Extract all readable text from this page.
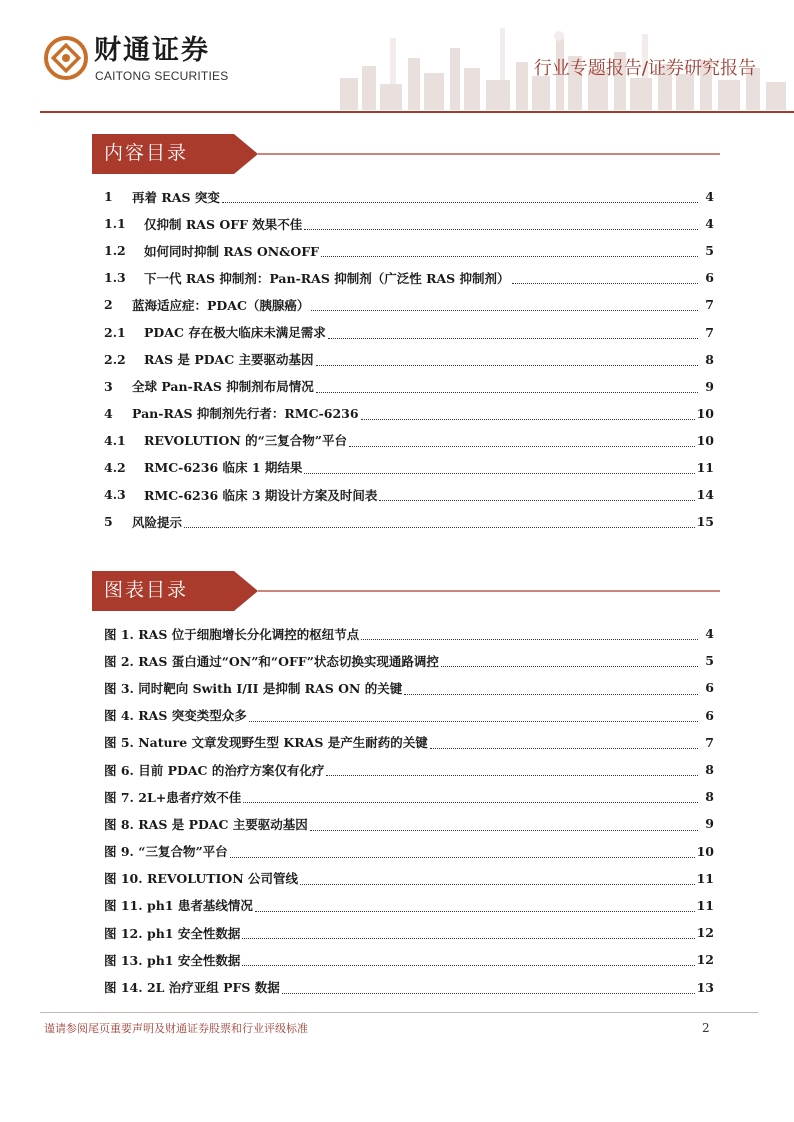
财通证券
CAITONG SECURITIES	行业专题报告/证券研究报告
内容目录
1	再着 RAS 突变	4
1.1	仅抑制 RAS OFF 效果不佳	4
1.2	如何同时抑制 RAS ON&OFF	5
1.3	下一代 RAS 抑制剂：Pan-RAS 抑制剂（广泛性 RAS 抑制剂）	6
2	蓝海适应症：PDAC（胰腺癌）	7
2.1	PDAC 存在极大临床未满足需求	7
2.2	RAS 是 PDAC 主要驱动基因	8
3	全球 Pan-RAS 抑制剂布局情况	9
4	Pan-RAS 抑制剂先行者：RMC-6236	10
4.1	REVOLUTION 的“三复合物”平台	10
4.2	RMC-6236 临床 1 期结果	11
4.3	RMC-6236 临床 3 期设计方案及时间表	14
5	风险提示	15
图表目录
图 1. RAS 位于细胞增长分化调控的枢纽节点	4
图 2. RAS 蛋白通过“ON”和“OFF”状态切换实现通路调控	5
图 3. 同时靶向 Swith I/II 是抑制 RAS ON 的关键	6
图 4. RAS 突变类型众多	6
图 5. Nature 文章发现野生型 KRAS 是产生耐药的关键	7
图 6. 目前 PDAC 的治疗方案仅有化疗	8
图 7. 2L+患者疗效不佳	8
图 8. RAS 是 PDAC 主要驱动基因	9
图 9. “三复合物”平台	10
图 10. REVOLUTION 公司管线	11
图 11. ph1 患者基线情况	11
图 12. ph1 安全性数据	12
图 13. ph1 安全性数据	12
图 14. 2L 治疗亚组 PFS 数据	13
谨请参阅尾页重要声明及财通证券股票和行业评级标准	2
